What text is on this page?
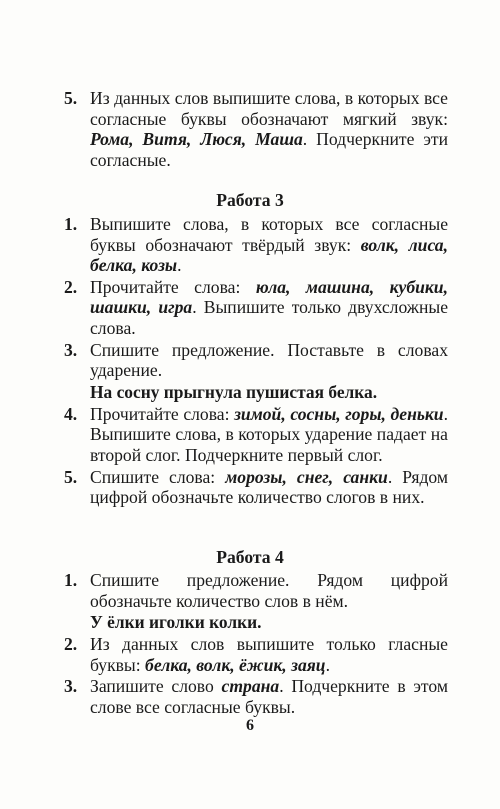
5. Из данных слов выпишите слова, в которых все согласные буквы обозначают мягкий звук: Рома, Витя, Люся, Маша. Подчеркните эти согласные.
Работа 3
1. Выпишите слова, в которых все согласные буквы обозначают твёрдый звук: волк, лиса, белка, козы.
2. Прочитайте слова: юла, машина, кубики, шашки, игра. Выпишите только двухсложные слова.
3. Спишите предложение. Поставьте в словах ударение.
На сосну прыгнула пушистая белка.
4. Прочитайте слова: зимой, сосны, горы, деньки. Выпишите слова, в которых ударение падает на второй слог. Подчеркните первый слог.
5. Спишите слова: морозы, снег, санки. Рядом цифрой обозначьте количество слогов в них.
Работа 4
1. Спишите предложение. Рядом цифрой обозначьте количество слов в нём.
У ёлки иголки колки.
2. Из данных слов выпишите только гласные буквы: белка, волк, ёжик, заяц.
3. Запишите слово страна. Подчеркните в этом слове все согласные буквы.
6
